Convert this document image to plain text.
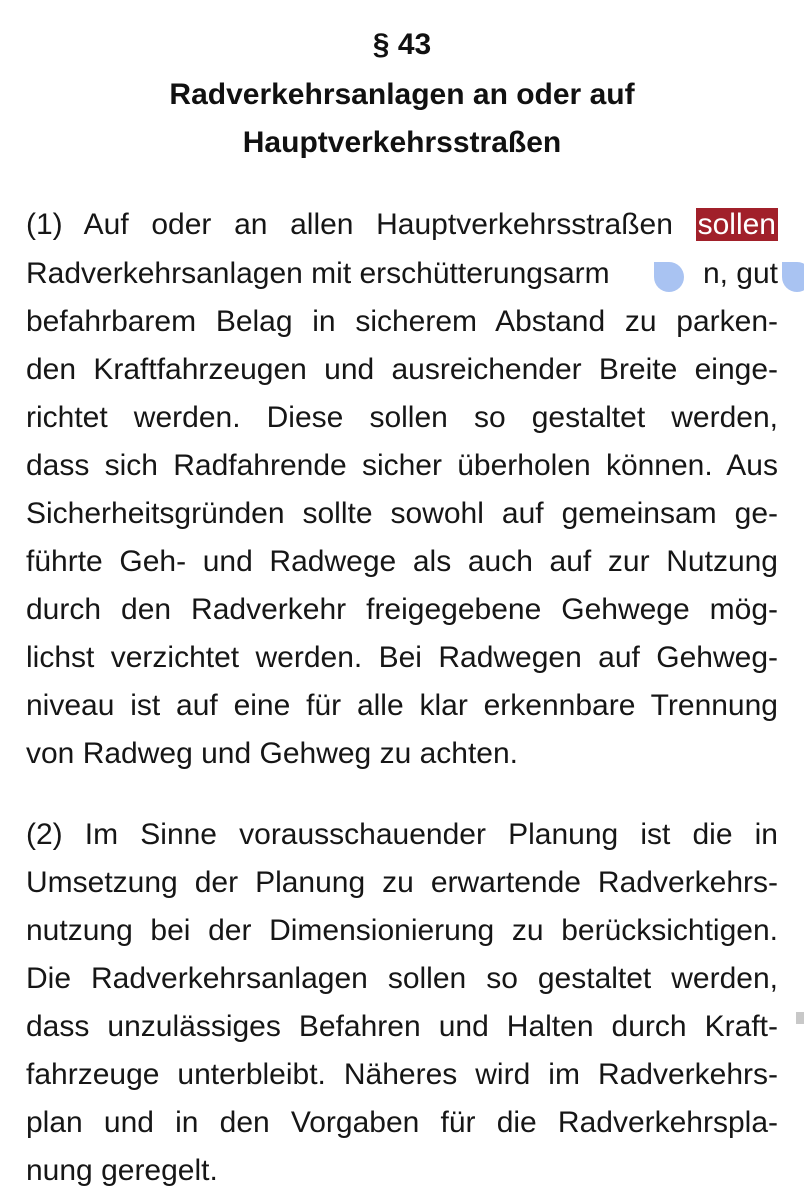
§ 43
Radverkehrsanlagen an oder auf
Hauptverkehrsstraßen
(1) Auf oder an allen Hauptverkehrsstraßen sollen
Radverkehrsanlagen mit erschütterungsarm	n, gut
befahrbarem Belag in sicherem Abstand zu parken-
den Kraftfahrzeugen und ausreichender Breite einge-
richtet werden. Diese sollen so gestaltet werden,
dass sich Radfahrende sicher überholen können. Aus
Sicherheitsgründen sollte sowohl auf gemeinsam ge-
führte Geh- und Radwege als auch auf zur Nutzung
durch den Radverkehr freigegebene Gehwege mög-
lichst verzichtet werden. Bei Radwegen auf Gehweg-
niveau ist auf eine für alle klar erkennbare Trennung
von Radweg und Gehweg zu achten.
(2) Im Sinne vorausschauender Planung ist die in
Umsetzung der Planung zu erwartende Radverkehrs-
nutzung bei der Dimensionierung zu berücksichtigen.
Die Radverkehrsanlagen sollen so gestaltet werden,
dass unzulässiges Befahren und Halten durch Kraft-
fahrzeuge unterbleibt. Näheres wird im Radverkehrs-
plan und in den Vorgaben für die Radverkehrspla-
nung geregelt.
